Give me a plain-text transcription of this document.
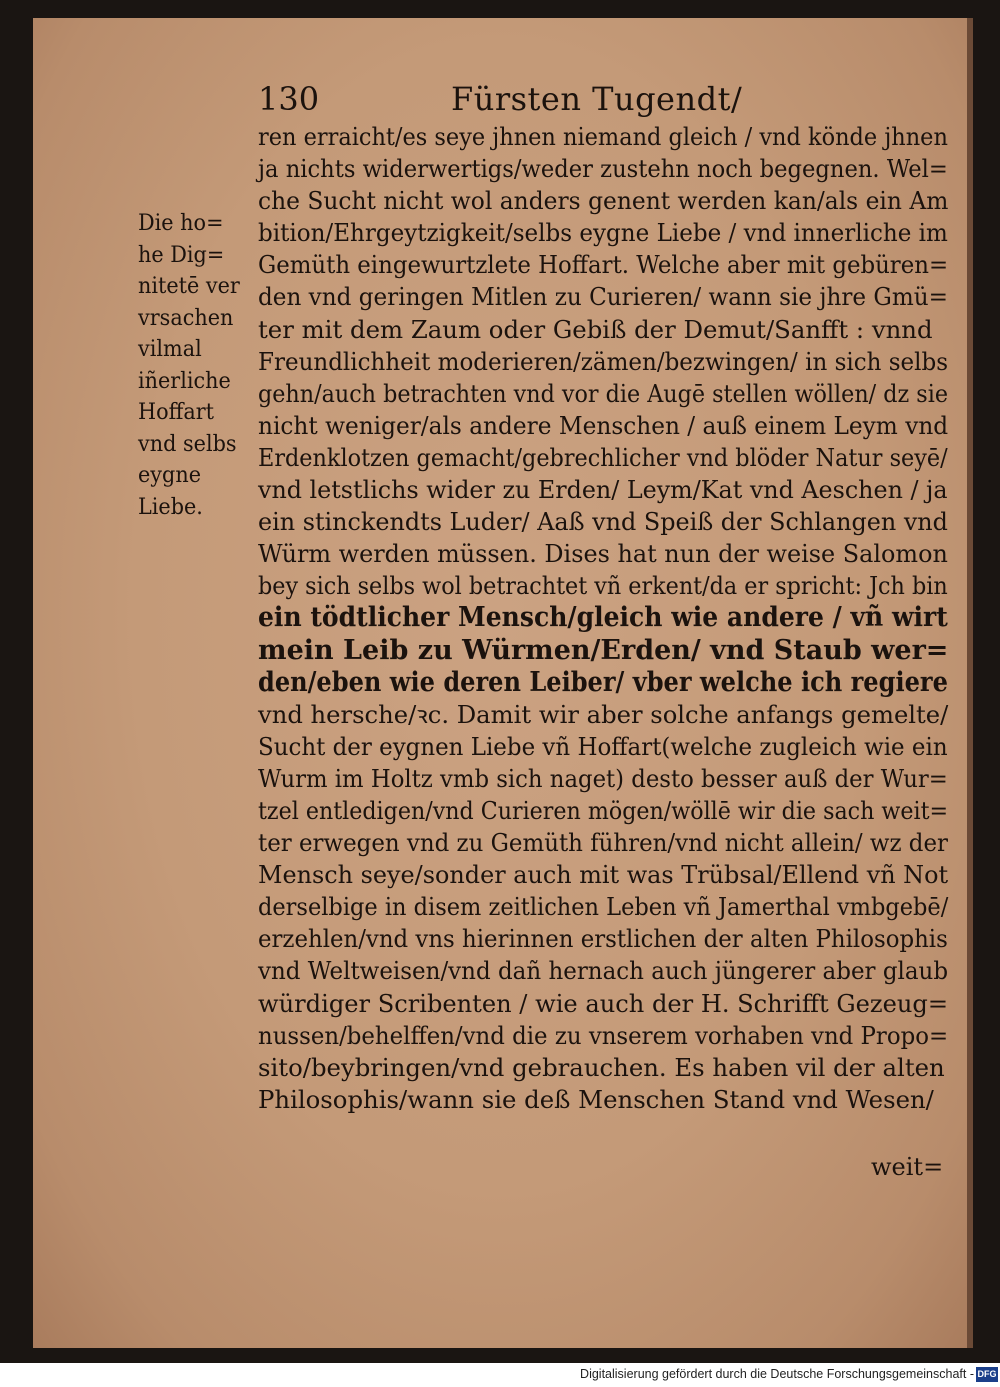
130	Fürsten Tugendt/
Die ho=
he Dig=
nitetē ver
vrsachen
vilmal
iñerliche
Hoffart
vnd selbs
eygne
Liebe.
ren erraicht/es seye jhnen niemand gleich / vnd könde jhnen
ja nichts widerwertigs/weder zustehn noch begegnen. Wel=
che Sucht nicht wol anders genent werden kan/als ein Am
bition/Ehrgeytzigkeit/selbs eygne Liebe / vnd innerliche im
Gemüth eingewurtzlete Hoffart. Welche aber mit gebüren=
den vnd geringen Mitlen zu Curieren/ wann sie jhre Gmü=
ter mit dem Zaum oder Gebiß der Demut/Sanfft : vnnd
Freundlichheit moderieren/zämen/bezwingen/ in sich selbs
gehn/auch betrachten vnd vor die Augē stellen wöllen/ dz sie
nicht weniger/als andere Menschen / auß einem Leym vnd
Erdenklotzen gemacht/gebrechlicher vnd blöder Natur seyē/
vnd letstlichs wider zu Erden/ Leym/Kat vnd Aeschen / ja
ein stinckendts Luder/ Aaß vnd Speiß der Schlangen vnd
Würm werden müssen. Dises hat nun der weise Salomon
bey sich selbs wol betrachtet vñ erkent/da er spricht: Jch bin
ein tödtlicher Mensch/gleich wie andere / vñ wirt
mein Leib zu Würmen/Erden/ vnd Staub wer=
den/eben wie deren Leiber/ vber welche ich regiere
vnd hersche/ꝛc. Damit wir aber solche anfangs gemelte/
Sucht der eygnen Liebe vñ Hoffart(welche zugleich wie ein
Wurm im Holtz vmb sich naget) desto besser auß der Wur=
tzel entledigen/vnd Curieren mögen/wöllē wir die sach weit=
ter erwegen vnd zu Gemüth führen/vnd nicht allein/ wz der
Mensch seye/sonder auch mit was Trübsal/Ellend vñ Not
derselbige in disem zeitlichen Leben vñ Jamerthal vmbgebē/
erzehlen/vnd vns hierinnen erstlichen der alten Philosophis
vnd Weltweisen/vnd dañ hernach auch jüngerer aber glaub
würdiger Scribenten / wie auch der H. Schrifft Gezeug=
nussen/behelffen/vnd die zu vnserem vorhaben vnd Propo=
sito/beybringen/vnd gebrauchen. Es haben vil der alten
Philosophis/wann sie deß Menschen Stand vnd Wesen/
weit=
Digitalisierung gefördert durch die Deutsche Forschungsgemeinschaft - DFG
